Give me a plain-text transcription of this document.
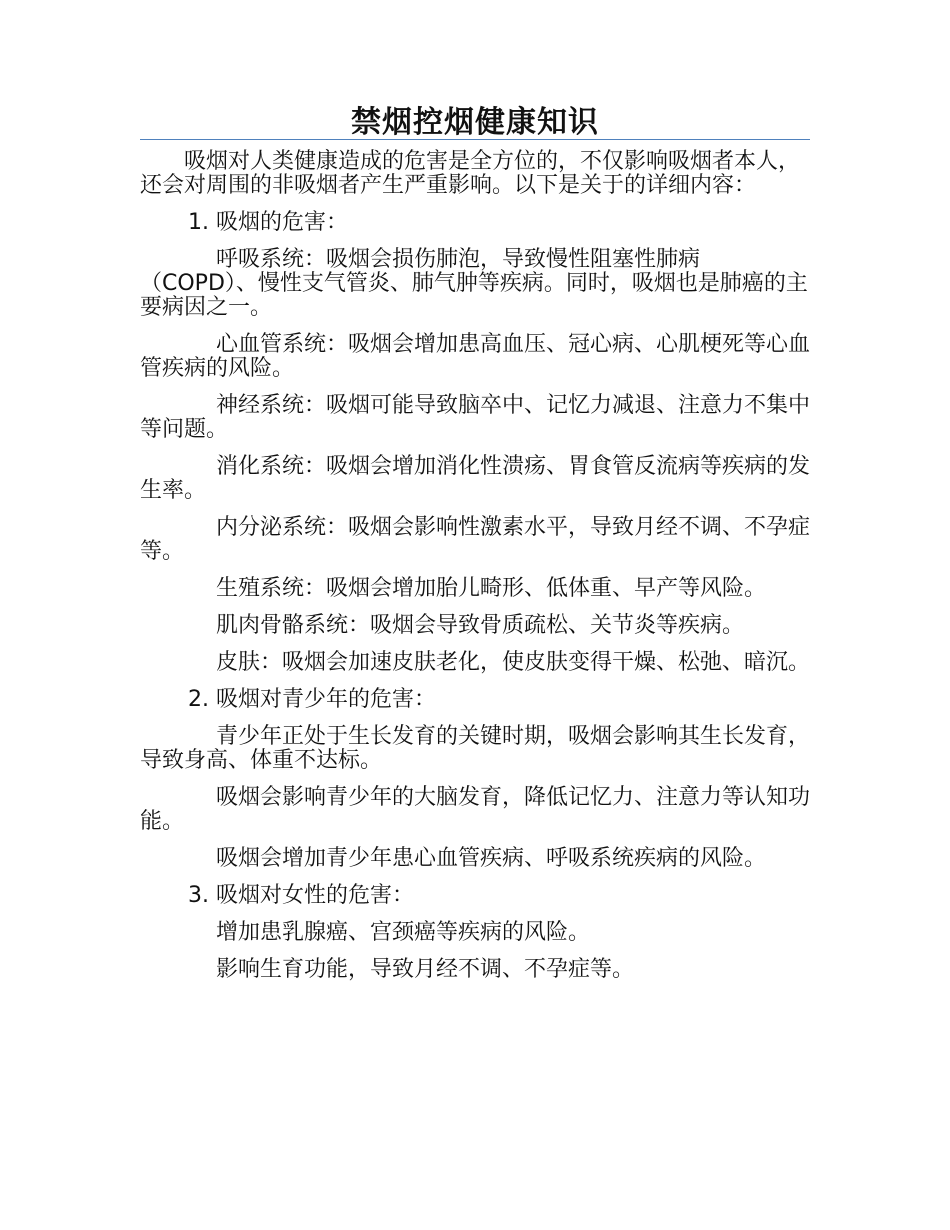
禁烟控烟健康知识

吸烟对人类健康造成的危害是全方位的，不仅影响吸烟者本人，还会对周围的非吸烟者产生严重影响。以下是关于的详细内容：

1. 吸烟的危害：

呼吸系统：吸烟会损伤肺泡，导致慢性阻塞性肺病（COPD）、慢性支气管炎、肺气肿等疾病。同时，吸烟也是肺癌的主要病因之一。

心血管系统：吸烟会增加患高血压、冠心病、心肌梗死等心血管疾病的风险。

神经系统：吸烟可能导致脑卒中、记忆力减退、注意力不集中等问题。

消化系统：吸烟会增加消化性溃疡、胃食管反流病等疾病的发生率。

内分泌系统：吸烟会影响性激素水平，导致月经不调、不孕症等。

生殖系统：吸烟会增加胎儿畸形、低体重、早产等风险。

肌肉骨骼系统：吸烟会导致骨质疏松、关节炎等疾病。

皮肤：吸烟会加速皮肤老化，使皮肤变得干燥、松弛、暗沉。

2. 吸烟对青少年的危害：

青少年正处于生长发育的关键时期，吸烟会影响其生长发育，导致身高、体重不达标。

吸烟会影响青少年的大脑发育，降低记忆力、注意力等认知功能。

吸烟会增加青少年患心血管疾病、呼吸系统疾病的风险。

3. 吸烟对女性的危害：

增加患乳腺癌、宫颈癌等疾病的风险。

影响生育功能，导致月经不调、不孕症等。
